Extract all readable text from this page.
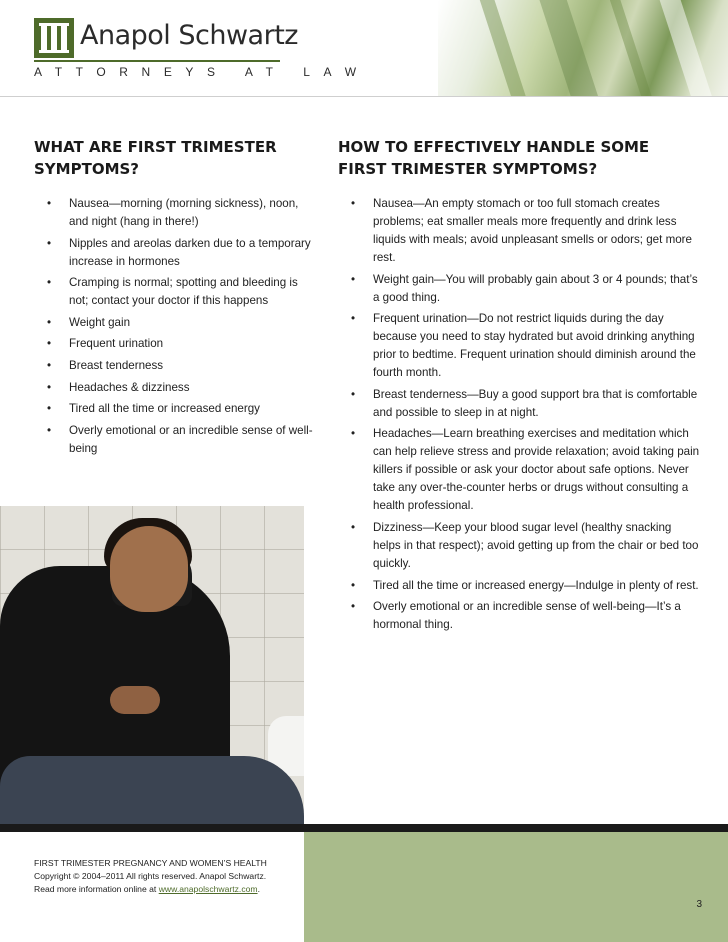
Anapol Schwartz
ATTORNEYS AT LAW
WHAT ARE FIRST TRIMESTER SYMPTOMS?
• Nausea—morning (morning sickness), noon, and night (hang in there!)
• Nipples and areolas darken due to a temporary increase in hormones
• Cramping is normal; spotting and bleeding is not; contact your doctor if this happens
• Weight gain
• Frequent urination
• Breast tenderness
• Headaches & dizziness
• Tired all the time or increased energy
• Overly emotional or an incredible sense of well-being
HOW TO EFFECTIVELY HANDLE SOME FIRST TRIMESTER SYMPTOMS?
• Nausea—An empty stomach or too full stomach creates problems; eat smaller meals more frequently and drink less liquids with meals; avoid unpleasant smells or odors; get more rest.
• Weight gain—You will probably gain about 3 or 4 pounds; that’s a good thing.
• Frequent urination—Do not restrict liquids during the day because you need to stay hydrated but avoid drinking anything prior to bedtime. Frequent urination should diminish around the fourth month.
• Breast tenderness—Buy a good support bra that is comfortable and possible to sleep in at night.
• Headaches—Learn breathing exercises and meditation which can help relieve stress and provide relaxation; avoid taking pain killers if possible or ask your doctor about safe options. Never take any over-the-counter herbs or drugs without consulting a health professional.
• Dizziness—Keep your blood sugar level (healthy snacking helps in that respect); avoid getting up from the chair or bed too quickly.
• Tired all the time or increased energy—Indulge in plenty of rest.
• Overly emotional or an incredible sense of well-being—It’s a hormonal thing.
FIRST TRIMESTER PREGNANCY AND WOMEN’S HEALTH
Copyright © 2004–2011 All rights reserved. Anapol Schwartz.
Read more information online at www.anapolschwartz.com.
3
